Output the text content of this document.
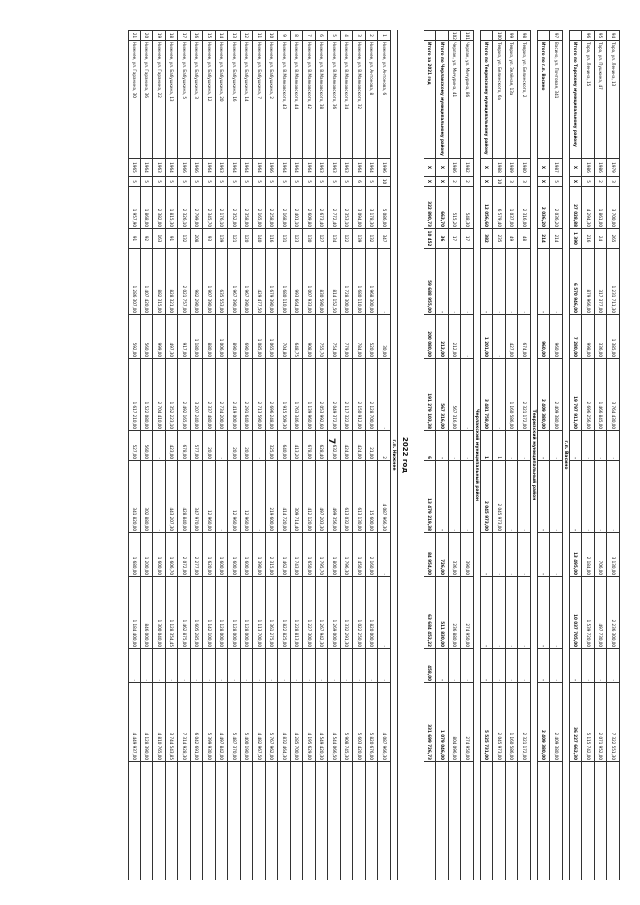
7
94
Тара, ул. Ленина, 13
1979
3
3 700,00
265
1 231 711,30
1 385,00
3 764 430,00
-
-
3 130,00
2 236 300,00
-
7 322 551,30
95
Тара, ул. Пушкина, 47
1986
2
1 861,00
24
317 377,00
336,00
1 466 845,00
-
-
706,00
497 730,00
-
2 071 952,00
96
Тара, ул. Ленина, 15
1986
5
4 294,30
216
879 966,00
998,00
2 696 256,00
-
-
2 184,00
1 539 720,00
-
5 115 742,00
Итого по Тарскому муниципальному району
X
X
27 028,88
1 390
6 570 946,00
7 280,00
19 797 911,00
-
-
13 495,00
10 037 705,00
-
36 227 662,30
г.п. Васино
97
Васино, ул. Почтовая, 341
1987
5
2 036,20
214
-
960,00
2 409 380,00
-
-
-
-
-
2 409 380,00
Итого по г.п. Васино
X
X
2 036,20
214
-
960,00
2 409 380,00
-
-
-
-
-
2 409 380,00
Тевризский муниципальный район
98
Тевриз, ул. Белинского, 2
1980
3
2 316,00
48
-
674,00
2 321 172,00
-
-
-
-
-
2 321 172,00
99
Тевриз, ул. Зелёная, 13а
1989
3
1 037,00
49
-
427,00
1 160 586,00
-
-
-
-
-
1 160 586,00
100
Тевриз, ул. Белинского, 6а
1988
10
6 579,40
235
-
-
-
1
2 045 973,00
-
-
-
2 045 973,00
Итого по Тевризскому муниципальному району
X
X
12 056,60
382
-
1 201,00
3 481 758,00
1
2 045 973,00
-
-
-
5 525 731,00
Черлакский муниципальный район
101
Черлак, ул. Мичурина, 86
1982
2
548,30
17
-
-
-
-
-
390,00
274 950,00
-
274 950,00
102
Черлак, ул. Мичурина, 41
1986
2
515,20
17
-
212,00
567 316,00
-
-
336,00
236 880,00
-
804 096,00
Итого по Черлакскому муниципальному району
X
X
663,70
36
-
212,00
567 316,00
-
-
726,00
511 830,00
-
1 079 046,00
Итого за 2021 год
X
X
322 890,73
10 452
59 688 955,00
200 080,00
191 279 103,38
6
13 479 219,38
84 954,00
63 684 452,22
458,00
331 699 726,73
2022 год
г.п. Нижнее
1
Нижнее, ул. Антонова, 6
1996
10
5 086,00
347
-
30,00
-
2
4 087 966,30
-
-
-
4 087 966,30
2
Нижнее, ул. Антонова, 8
1964
5
3 178,30
132
1 968 300,00
520,00
2 128 700,00
21,00
15 600,00
2 160,00
1 820 000,00
-
5 820 676,00
3
Нижнее, ул. В.Маяковского, 32
1964
6
3 094,00
139
1 680 110,00
784,00
2 150 912,00
424,00
613 130,00
1 450,00
1 022 250,00
-
5 603 420,00
4
Нижнее, ул. В.Маяковского, 34
1963
5
2 353,10
122
1 728 300,00
779,00
2 117 322,00
424,00
613 032,00
1 796,30
1 332 291,30
-
5 908 745,30
5
Нижнее, ул. В.Маяковского, 36
1963
5
2 772,40
134
814 152,50
754,00
2 049 372,00
632,00
499 356,00
1 800,00
1 269 000,00
-
4 544 066,50
6
Нижнее, ул. В.Маяковского, 38
1963
5
2 673,40
127
830 590,00
755,70
2 053 992,60
628,40
497 203,30
1 795,70
1 267 942,30
-
4 549 420,30
7
Нижнее, ул. В.Маяковского, 42
1964
5
2 609,80
130
1 007 933,00
908,00
1 139 960,00
678,00
412 120,00
1 650,00
1 227 300,00
-
4 195 629,00
8
Нижнее, ул. В.Маяковского, 44
1964
5
2 401,10
123
993 664,00
648,75
1 763 346,00
413,20
309 714,40
1 743,00
1 228 813,00
-
4 285 700,00
9
Нижнее, ул. В.Маяковского, 43
1964
5
2 168,00
131
1 680 110,00
704,80
1 915 509,30
640,00
414 720,00
1 462,00
1 822 825,00
-
4 832 464,30
10
Нижнее, ул. Бабушкина, 2
1966
5
2 258,00
116
1 679 390,00
1 065,00
2 696 248,00
325,00
219 600,00
2 315,00
1 361 275,00
-
5 767 962,00
11
Нижнее, ул. Бабушкина, 7
1964
5
2 165,00
140
429 477,50
1 085,00
2 713 590,00
-
-
1 390,00
1 113 700,00
-
4 482 967,50
12
Нижнее, ул. Бабушкина, 14
1964
5
2 358,00
120
1 967 390,00
690,00
2 291 640,00
20,00
12 960,00
1 600,00
1 128 000,00
-
5 400 190,00
13
Нижнее, ул. Бабушкина, 16
1964
5
2 352,00
121
1 967 390,00
890,00
2 419 000,00
20,00
12 960,00
1 600,00
1 128 000,00
-
5 487 370,00
14
Нижнее, ул. Бабушкина, 20
1963
5
2 176,10
139
635 553,00
1 006,00
2 734 200,00
-
-
1 600,00
1 128 000,00
-
4 497 842,00
15
Нижнее, ул. Бабушкина, 12
1964
5
2 345,70
93
1 907 390,00
880,00
2 337 480,00
20,00
12 960,00
1 620,00
1 142 100,00
-
5 399 930,00
16
Нижнее, ул. Бабушкина, 3
1966
5
2 799,00
208
982 290,00
1 180,00
3 207 240,00
577,00
347 970,00
2 277,00
1 605 285,00
-
6 042 691,00
17
Нижнее, ул. Бабушкина, 5
1966
5
2 326,10
132
2 021 757,00
917,00
2 492 165,00
678,00
428 840,00
2 072,00
1 462 875,00
-
7 314 928,30
18
Нижнее, ул. Бабушкина, 13
1964
5
1 815,30
91
828 321,00
497,30
1 352 223,10
423,00
443 207,30
1 606,70
1 128 354,45
-
3 744 543,85
19
Нижнее, ул. Гаранина, 22
1963
5
2 382,00
163
882 315,00
999,00
2 704 410,00
-
-
1 600,00
1 300 040,00
-
4 810 765,00
20
Нижнее, ул. Гаранина, 36
1964
5
1 868,00
92
1 407 420,00
560,00
1 522 080,00
560,00
302 880,00
1 200,00
846 000,00
-
4 128 390,00
21
Нижнее, ул. Гаранина, 30
1965
5
1 957,90
91
1 286 307,00
592,00
1 617 210,00
527,00
341 820,00
1 680,00
1 184 400,00
-
4 449 937,00
